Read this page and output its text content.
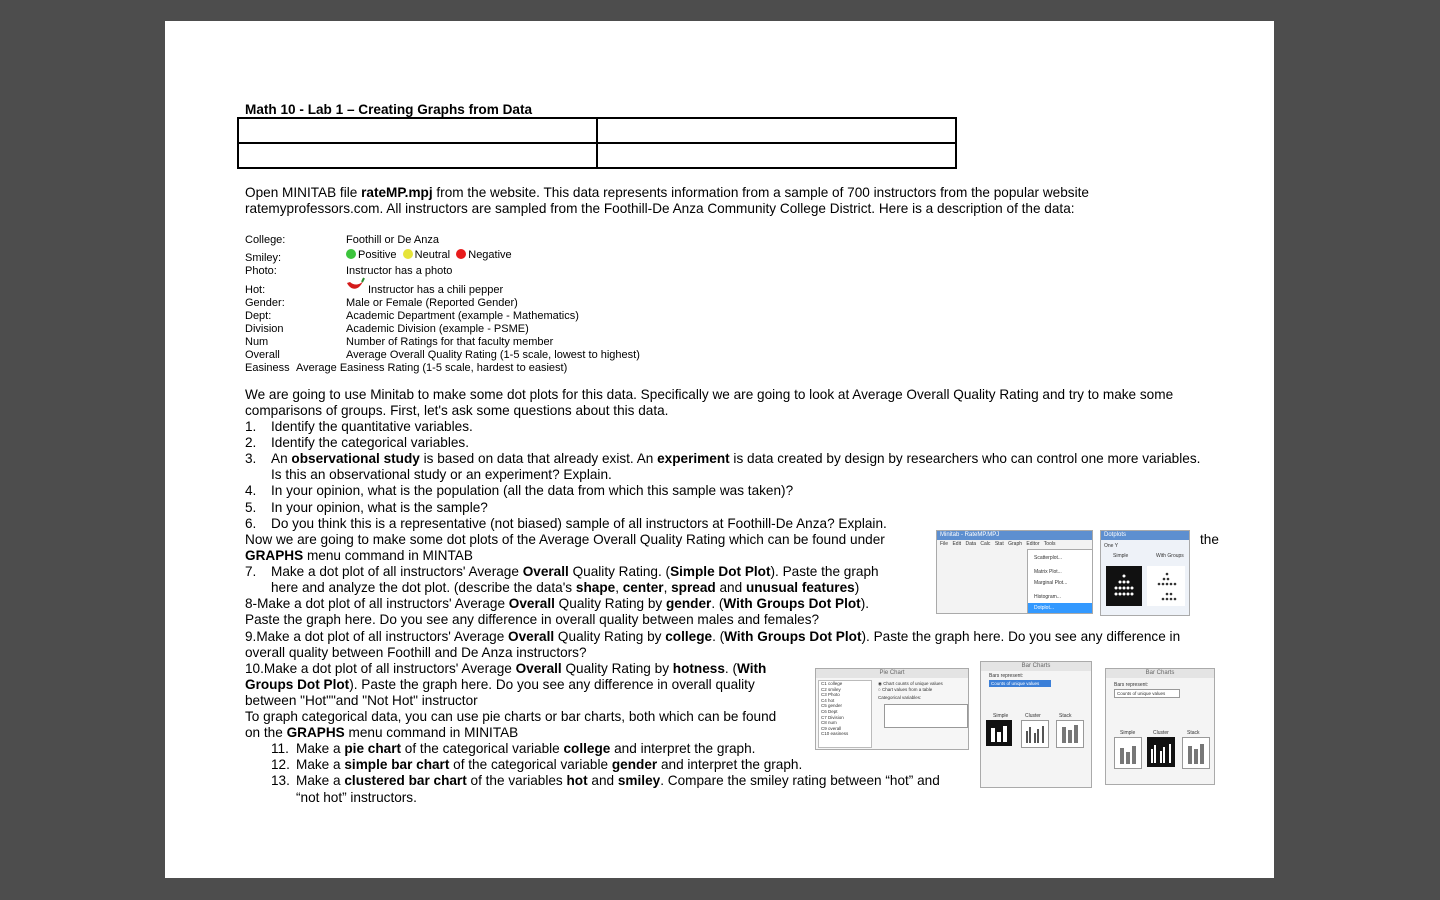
Math 10 - Lab 1 – Creating Graphs from Data

Open MINITAB file rateMP.mpj from the website. This data represents information from a sample of 700 instructors from the popular website
ratemyprofessors.com. All instructors are sampled from the Foothill-De Anza Community College District. Here is a description of the data:
College:	Foothill or De Anza
Smiley:	Positive Neutral Negative
Photo:	Instructor has a photo
Hot:	Instructor has a chili pepper
Gender:	Male or Female (Reported Gender)
Dept:	Academic Department (example - Mathematics)
Division	Academic Division (example - PSME)
Num	Number of Ratings for that faculty member
Overall	Average Overall Quality Rating (1-5 scale, lowest to highest)
Easiness Average Easiness Rating (1-5 scale, hardest to easiest)
We are going to use Minitab to make some dot plots for this data. Specifically we are going to look at Average Overall Quality Rating and try to make some
comparisons of groups. First, let's ask some questions about this data.
1. Identify the quantitative variables.
2. Identify the categorical variables.
3. An observational study is based on data that already exist. An experiment is data created by design by researchers who can control one more variables.
Is this an observational study or an experiment? Explain.
4. In your opinion, what is the population (all the data from which this sample was taken)?
5. In your opinion, what is the sample?
6. Do you think this is a representative (not biased) sample of all instructors at Foothill-De Anza? Explain.
Now we are going to make some dot plots of the Average Overall Quality Rating which can be found under	the
GRAPHS menu command in MINTAB
7. Make a dot plot of all instructors' Average Overall Quality Rating. (Simple Dot Plot). Paste the graph
here and analyze the dot plot. (describe the data's shape, center, spread and unusual features)
8-Make a dot plot of all instructors' Average Overall Quality Rating by gender. (With Groups Dot Plot).
Paste the graph here. Do you see any difference in overall quality between males and females?
9.Make a dot plot of all instructors' Average Overall Quality Rating by college. (With Groups Dot Plot). Paste the graph here. Do you see any difference in
overall quality between Foothill and De Anza instructors?
10.Make a dot plot of all instructors' Average Overall Quality Rating by hotness. (With
Groups Dot Plot). Paste the graph here. Do you see any difference in overall quality
between "Hot""and "Not Hot" instructor
To graph categorical data, you can use pie charts or bar charts, both which can be found
on the GRAPHS menu command in MINITAB
11. Make a pie chart of the categorical variable college and interpret the graph.
12. Make a simple bar chart of the categorical variable gender and interpret the graph.
13. Make a clustered bar chart of the variables hot and smiley. Compare the smiley rating between “hot” and
“not hot” instructors.
Minitab - RateMP.MPJ
File Edit Data Calc Stat Graph Editor Tools
Scatterplot...
Matrix Plot...
Marginal Plot...
Histogram...
Dotplot...
Dotplots
One Y
Simple	With Groups
Pie Chart
C1 college
C2 smiley
C3 Photo
C4 hot
C5 gender
C6 Dept
C7 Division
C8 num
C9 overall
C10 easiness
◉ Chart counts of unique values
○ Chart values from a table
Categorical variables:
Bar Charts
Bars represent:
Counts of unique values
Simple	Cluster	Stack
Bar Charts
Bars represent:
Counts of unique values
Simple	Cluster	Stack
